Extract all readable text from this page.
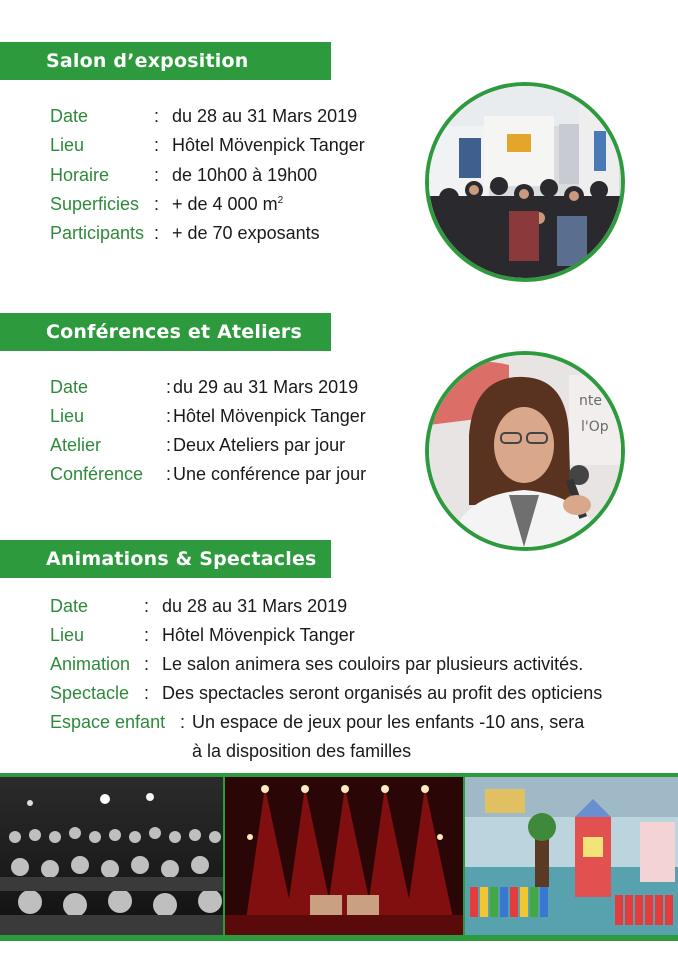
Salon d’exposition
Date	: du 28 au 31 Mars 2019
Lieu	: Hôtel Mövenpick Tanger
Horaire : de 10h00 à 19h00
Superficies : + de 4 000 $m^2$
Participants : + de 70 exposants
Conférences et Ateliers
Date	: du 29 au 31 Mars 2019
Lieu	: Hôtel Mövenpick Tanger
Atelier	: Deux Ateliers par jour
Conférence : Une conférence par jour
nte
l'Op
Animations & Spectacles
Date	: du 28 au 31 Mars 2019
Lieu	: Hôtel Mövenpick Tanger
Animation : Le salon animera ses couloirs par plusieurs activités.
Spectacle : Des spectacles seront organisés au profit des opticiens
Espace enfant : Un espace de jeux pour les enfants -10 ans, sera
à la disposition des familles
